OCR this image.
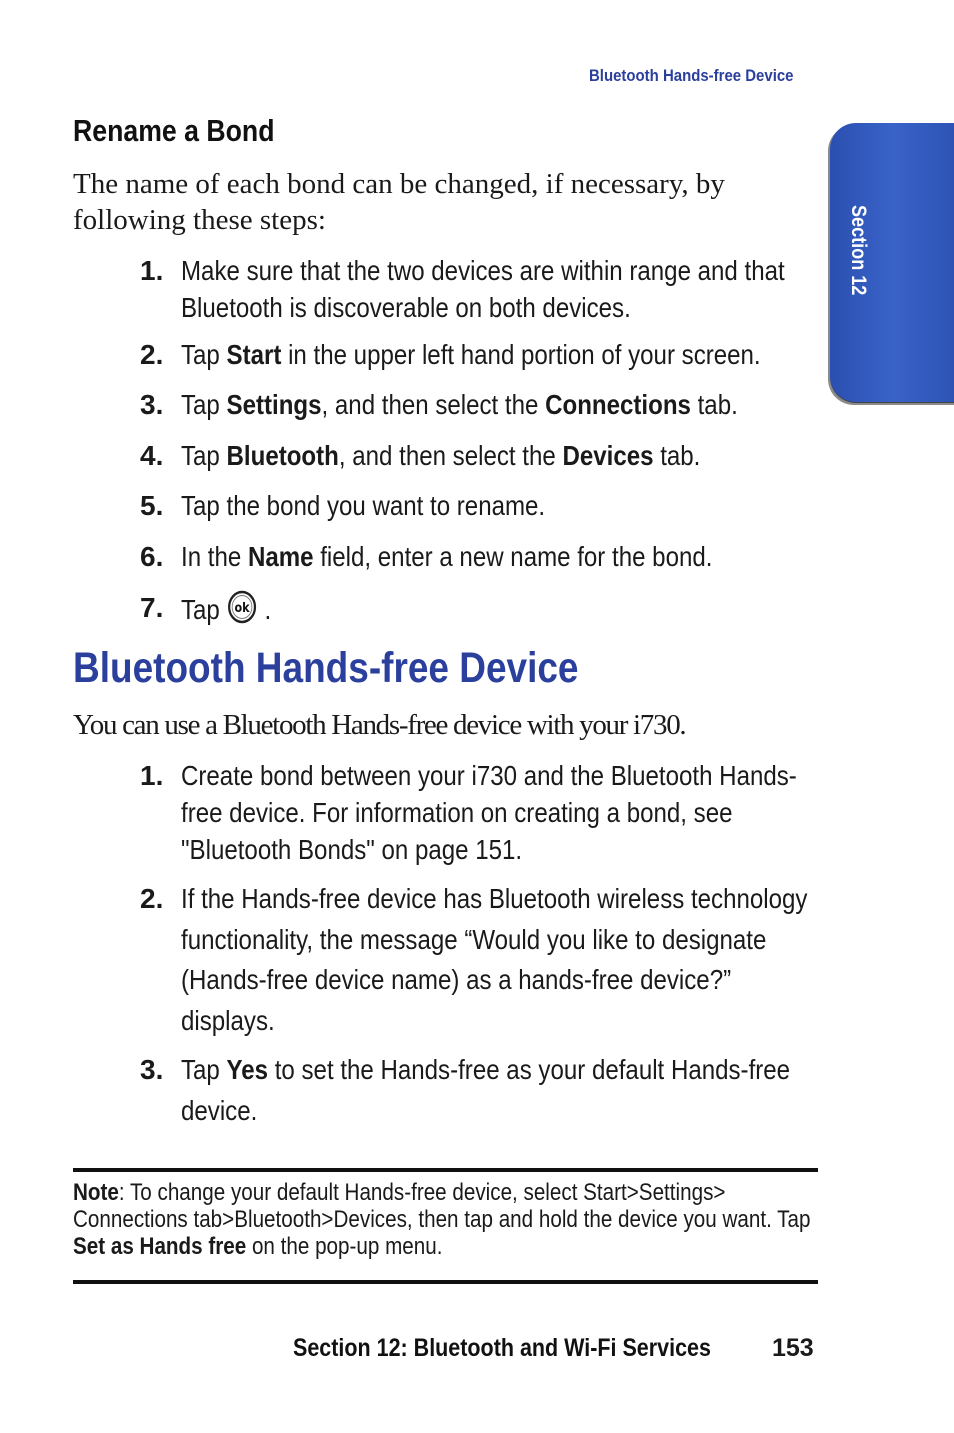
Bluetooth Hands-free Device
Section 12
Rename a Bond
The name of each bond can be changed, if necessary, by following these steps:
1. Make sure that the two devices are within range and that Bluetooth is discoverable on both devices.
2. Tap Start in the upper left hand portion of your screen.
3. Tap Settings, and then select the Connections tab.
4. Tap Bluetooth, and then select the Devices tab.
5. Tap the bond you want to rename.
6. In the Name field, enter a new name for the bond.
7. Tap ok .
Bluetooth Hands-free Device
You can use a Bluetooth Hands-free device with your i730.
1. Create bond between your i730 and the Bluetooth Hands-free device. For information on creating a bond, see "Bluetooth Bonds" on page 151.
2. If the Hands-free device has Bluetooth wireless technology functionality, the message “Would you like to designate (Hands-free device name) as a hands-free device?” displays.
3. Tap Yes to set the Hands-free as your default Hands-free device.
Note: To change your default Hands-free device, select Start>Settings> Connections tab>Bluetooth>Devices, then tap and hold the device you want. Tap Set as Hands free on the pop-up menu.
Section 12: Bluetooth and Wi-Fi Services	153
